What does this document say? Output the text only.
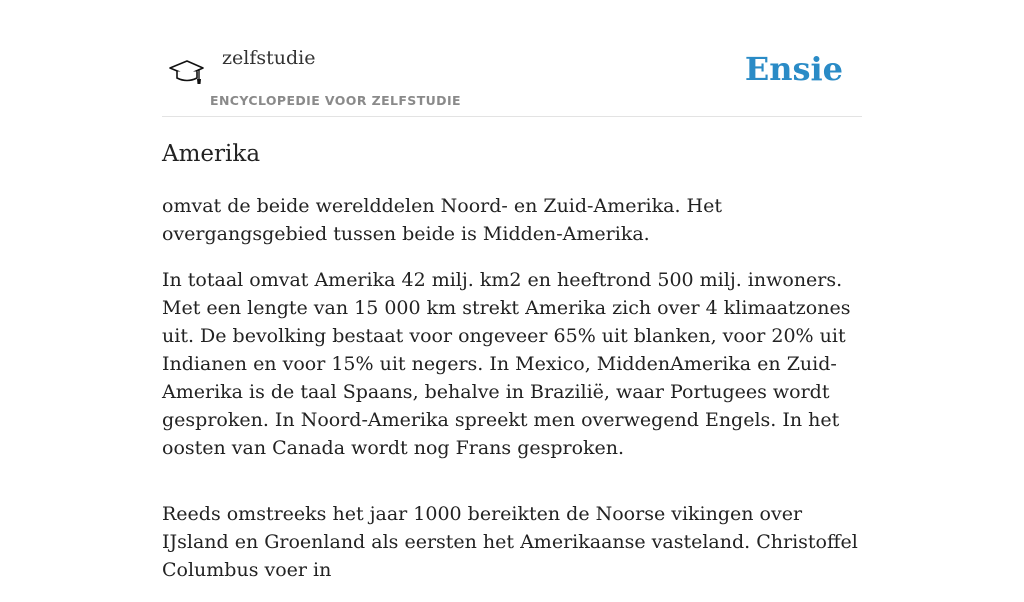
zelfstudie
ENCYCLOPEDIE VOOR ZELFSTUDIE
Ensie
Amerika

omvat de beide werelddelen Noord- en Zuid-Amerika. Het overgangsgebied tussen beide is Midden-Amerika.

In totaal omvat Amerika 42 milj. km2 en heeftrond 500 milj. inwoners. Met een lengte van 15 000 km strekt Amerika zich over 4 klimaatzones uit. De bevolking bestaat voor ongeveer 65% uit blanken, voor 20% uit Indianen en voor 15% uit negers. In Mexico, MiddenAmerika en Zuid-Amerika is de taal Spaans, behalve in Brazilië, waar Portugees wordt gesproken. In Noord-Amerika spreekt men overwegend Engels. In het oosten van Canada wordt nog Frans gesproken.

Reeds omstreeks het jaar 1000 bereikten de Noorse vikingen over IJsland en Groenland als eersten het Amerikaanse vasteland. Christoffel Columbus voer in
